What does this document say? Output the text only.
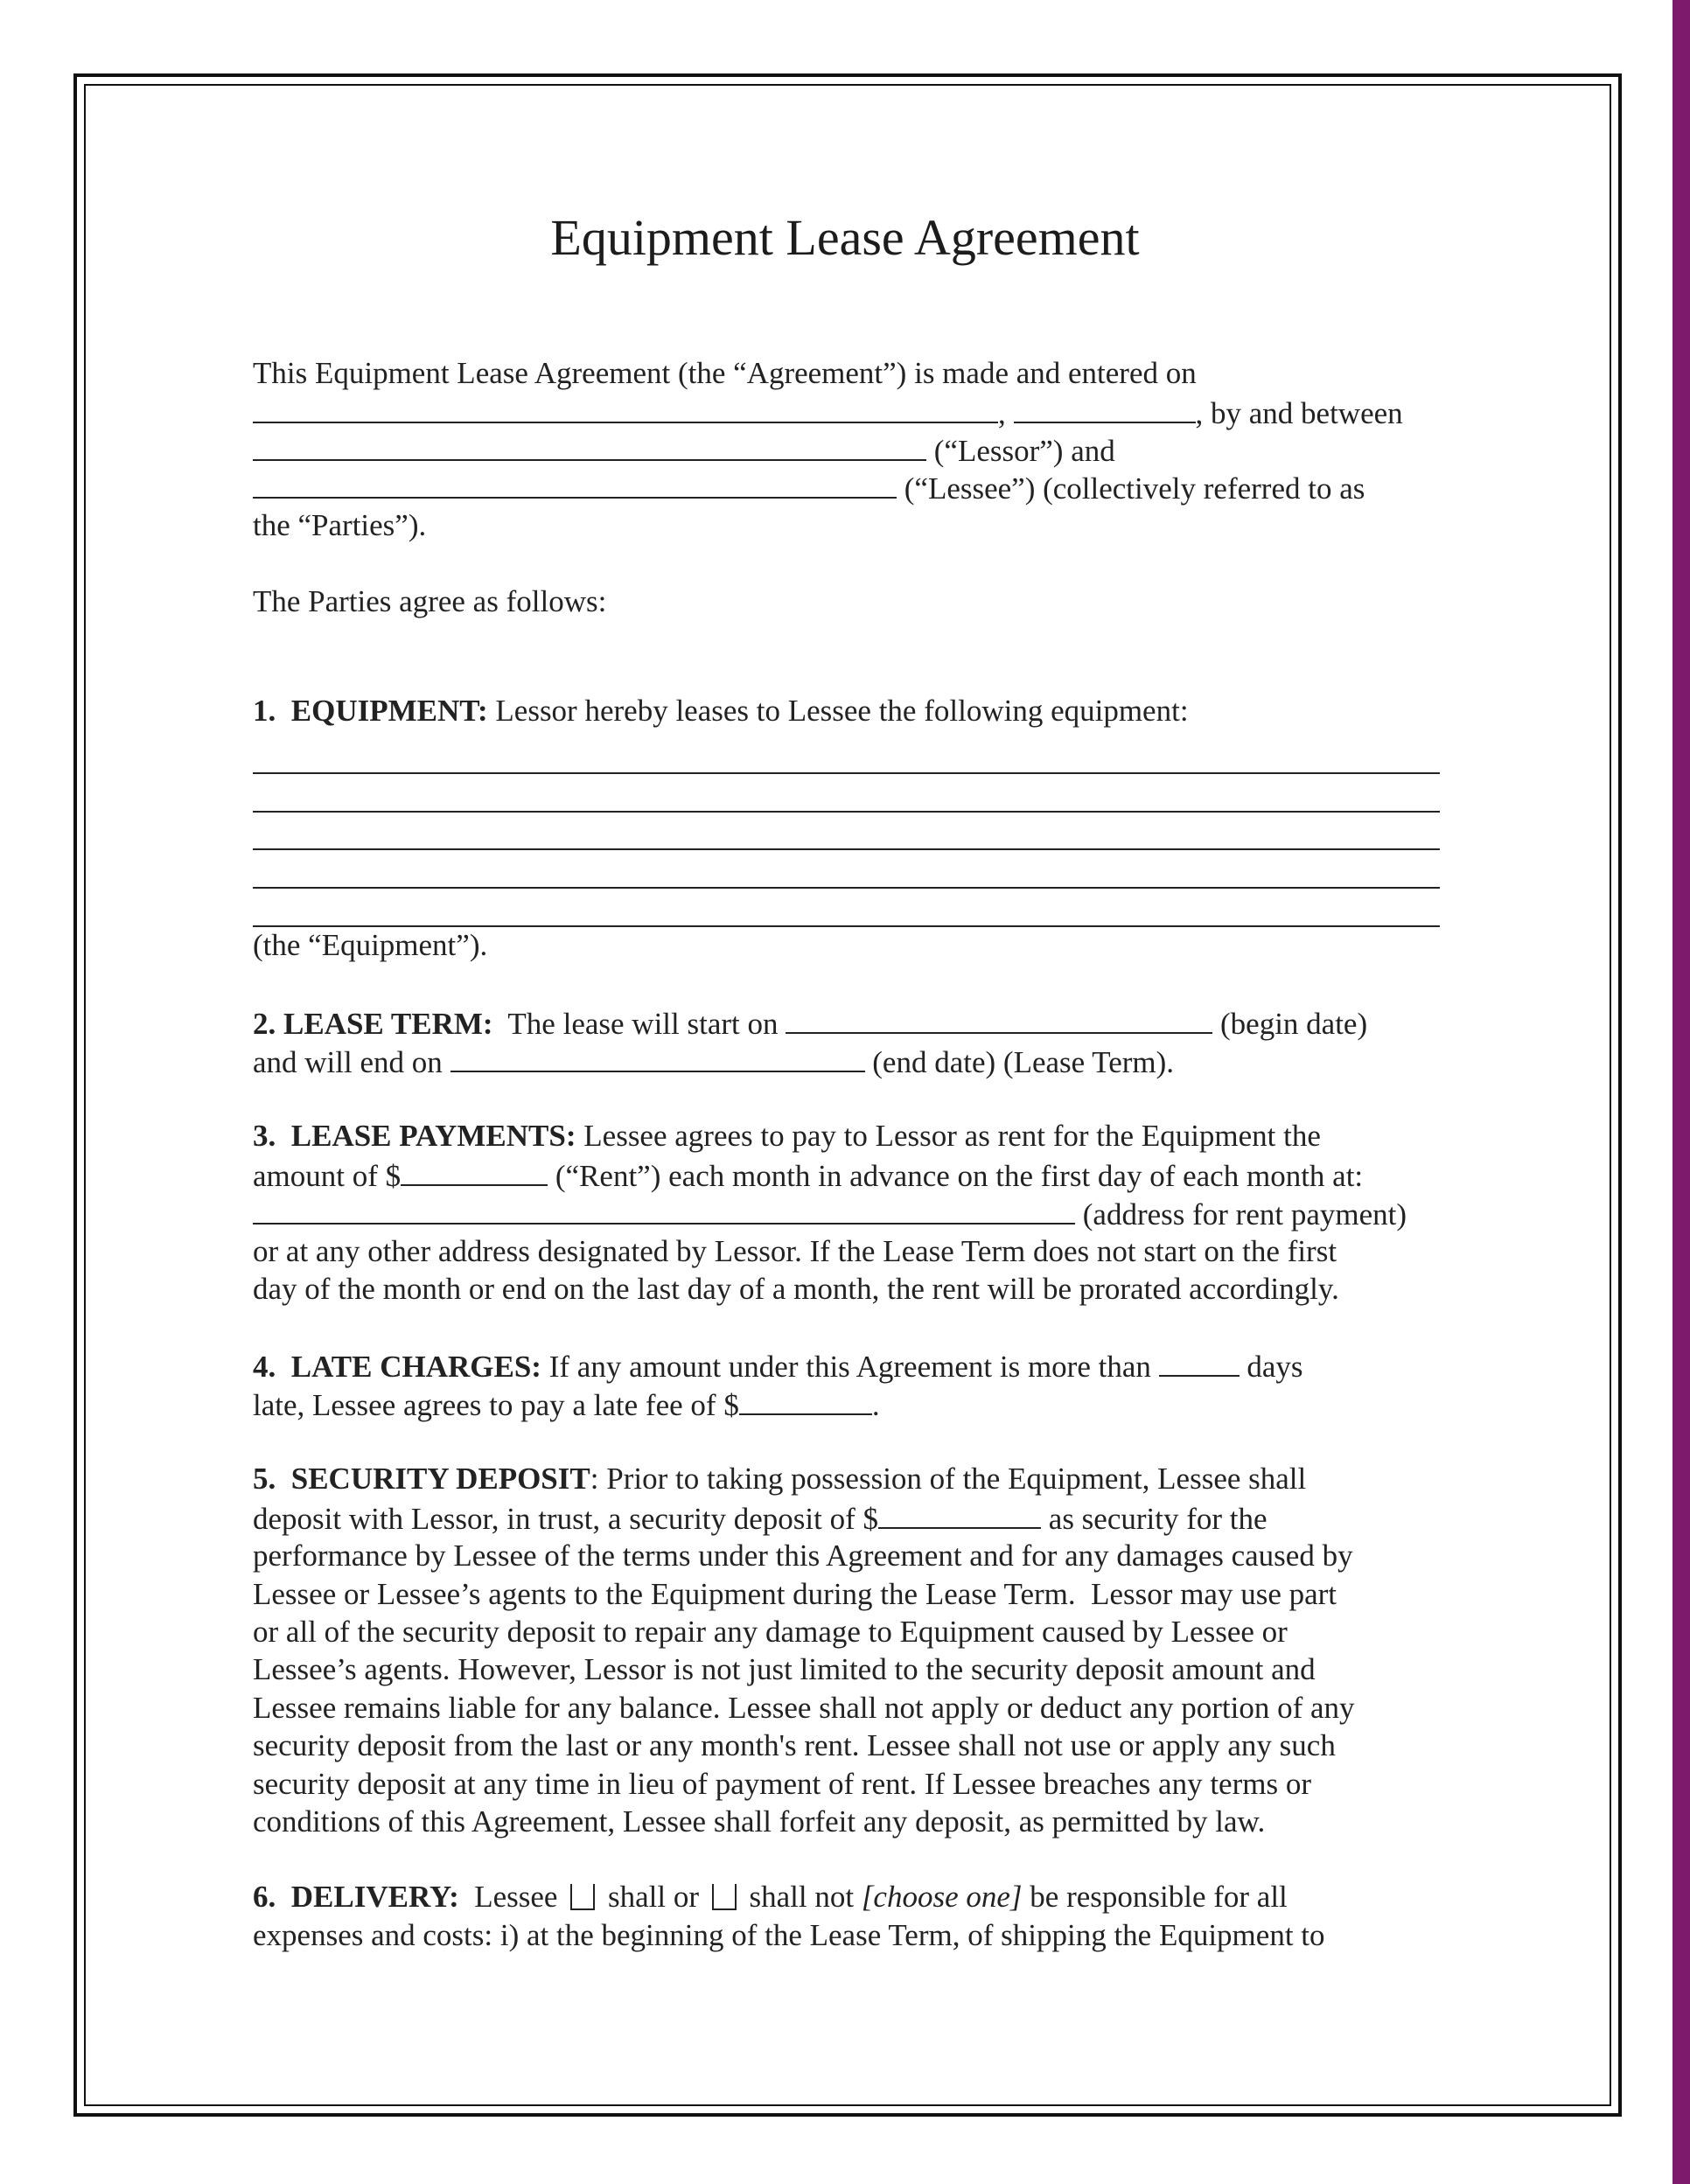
Equipment Lease Agreement
This Equipment Lease Agreement (the “Agreement”) is made and entered on
,	, by and between
(“Lessor”) and
(“Lessee”) (collectively referred to as
the “Parties”).
The Parties agree as follows:
1.  EQUIPMENT: Lessor hereby leases to Lessee the following equipment:
(the “Equipment”).
2. LEASE TERM:  The lease will start on	(begin date)
and will end on	(end date) (Lease Term).
3.  LEASE PAYMENTS: Lessee agrees to pay to Lessor as rent for the Equipment the
amount of $	(“Rent”) each month in advance on the first day of each month at:
(address for rent payment)
or at any other address designated by Lessor. If the Lease Term does not start on the first
day of the month or end on the last day of a month, the rent will be prorated accordingly.
4.  LATE CHARGES: If any amount under this Agreement is more than	days
late, Lessee agrees to pay a late fee of $	.
5.  SECURITY DEPOSIT: Prior to taking possession of the Equipment, Lessee shall
deposit with Lessor, in trust, a security deposit of $	as security for the
performance by Lessee of the terms under this Agreement and for any damages caused by
Lessee or Lessee’s agents to the Equipment during the Lease Term.  Lessor may use part
or all of the security deposit to repair any damage to Equipment caused by Lessee or
Lessee’s agents. However, Lessor is not just limited to the security deposit amount and
Lessee remains liable for any balance. Lessee shall not apply or deduct any portion of any
security deposit from the last or any month's rent. Lessee shall not use or apply any such
security deposit at any time in lieu of payment of rent. If Lessee breaches any terms or
conditions of this Agreement, Lessee shall forfeit any deposit, as permitted by law.
6.  DELIVERY:  Lessee  shall or  shall not [choose one] be responsible for all
expenses and costs: i) at the beginning of the Lease Term, of shipping the Equipment to
